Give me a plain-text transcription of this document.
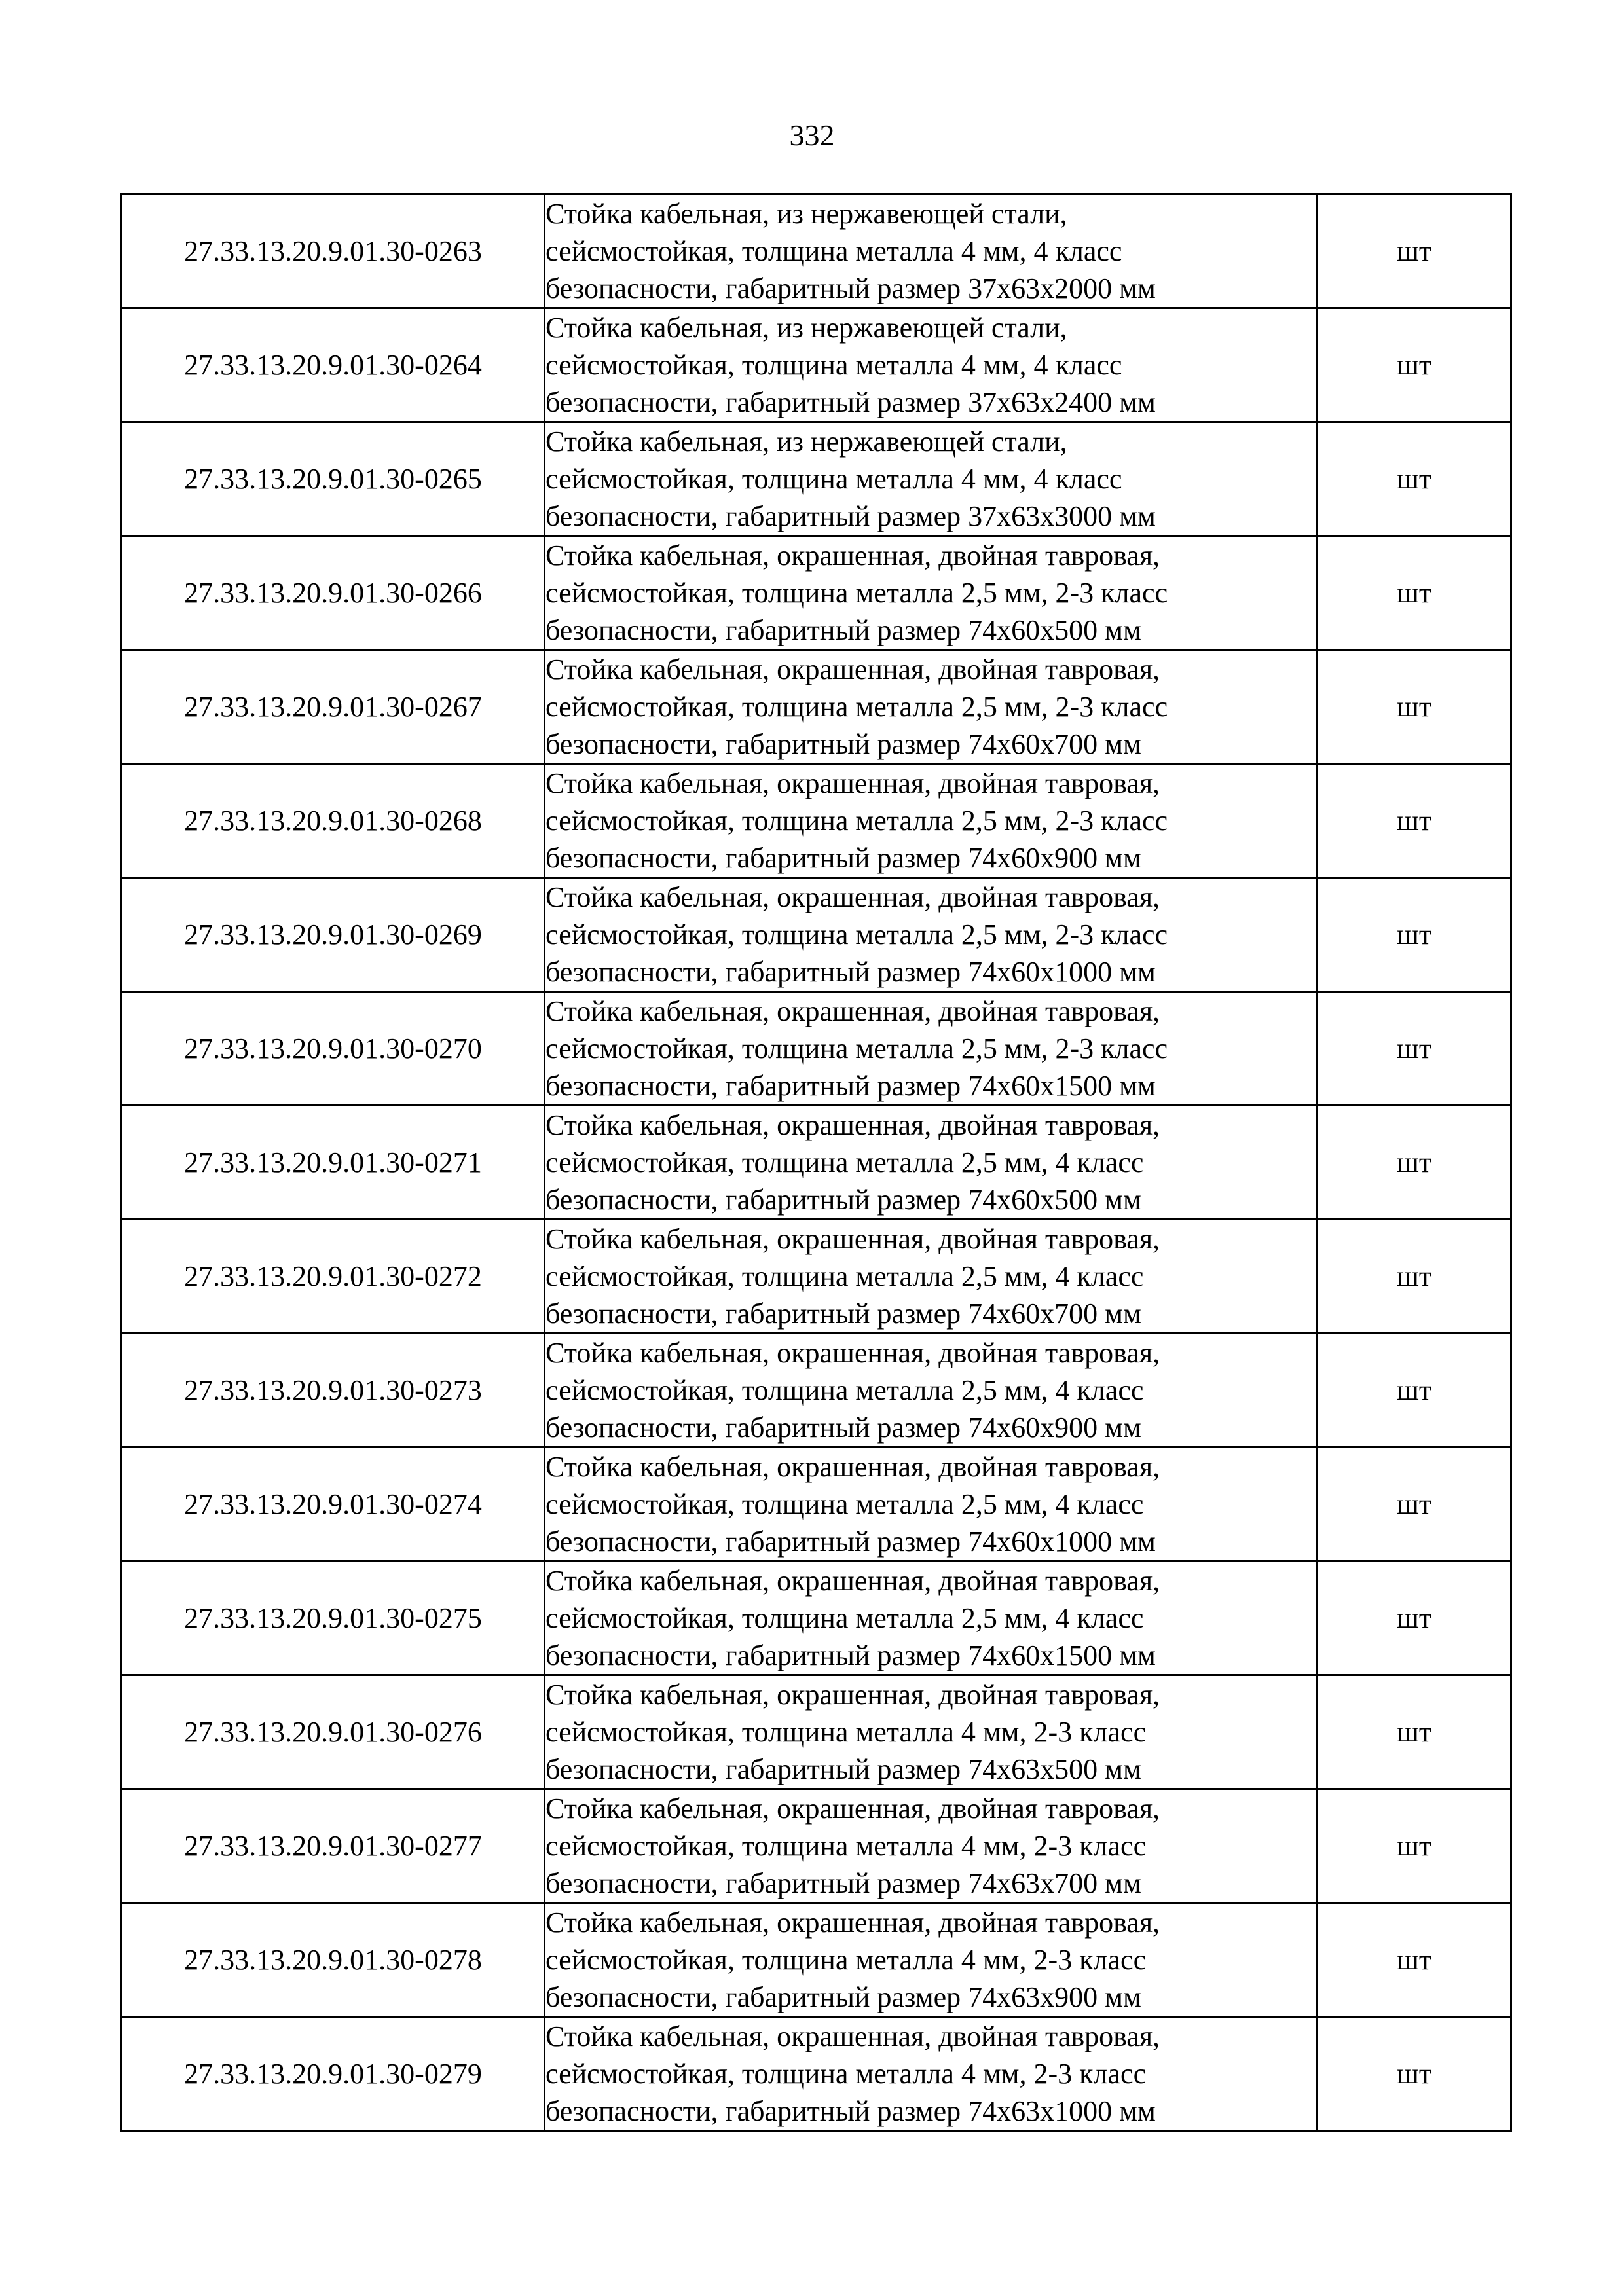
332
27.33.13.20.9.01.30-0263	Стойка кабельная, из нержавеющей стали,
сейсмостойкая, толщина металла 4 мм, 4 класс
безопасности, габаритный размер 37х63х2000 мм	шт
27.33.13.20.9.01.30-0264	Стойка кабельная, из нержавеющей стали,
сейсмостойкая, толщина металла 4 мм, 4 класс
безопасности, габаритный размер 37х63х2400 мм	шт
27.33.13.20.9.01.30-0265	Стойка кабельная, из нержавеющей стали,
сейсмостойкая, толщина металла 4 мм, 4 класс
безопасности, габаритный размер 37х63х3000 мм	шт
27.33.13.20.9.01.30-0266	Стойка кабельная, окрашенная, двойная тавровая,
сейсмостойкая, толщина металла 2,5 мм, 2-3 класс
безопасности, габаритный размер 74х60х500 мм	шт
27.33.13.20.9.01.30-0267	Стойка кабельная, окрашенная, двойная тавровая,
сейсмостойкая, толщина металла 2,5 мм, 2-3 класс
безопасности, габаритный размер 74х60х700 мм	шт
27.33.13.20.9.01.30-0268	Стойка кабельная, окрашенная, двойная тавровая,
сейсмостойкая, толщина металла 2,5 мм, 2-3 класс
безопасности, габаритный размер 74х60х900 мм	шт
27.33.13.20.9.01.30-0269	Стойка кабельная, окрашенная, двойная тавровая,
сейсмостойкая, толщина металла 2,5 мм, 2-3 класс
безопасности, габаритный размер 74х60х1000 мм	шт
27.33.13.20.9.01.30-0270	Стойка кабельная, окрашенная, двойная тавровая,
сейсмостойкая, толщина металла 2,5 мм, 2-3 класс
безопасности, габаритный размер 74х60х1500 мм	шт
27.33.13.20.9.01.30-0271	Стойка кабельная, окрашенная, двойная тавровая,
сейсмостойкая, толщина металла 2,5 мм, 4 класс
безопасности, габаритный размер 74х60х500 мм	шт
27.33.13.20.9.01.30-0272	Стойка кабельная, окрашенная, двойная тавровая,
сейсмостойкая, толщина металла 2,5 мм, 4 класс
безопасности, габаритный размер 74х60х700 мм	шт
27.33.13.20.9.01.30-0273	Стойка кабельная, окрашенная, двойная тавровая,
сейсмостойкая, толщина металла 2,5 мм, 4 класс
безопасности, габаритный размер 74х60х900 мм	шт
27.33.13.20.9.01.30-0274	Стойка кабельная, окрашенная, двойная тавровая,
сейсмостойкая, толщина металла 2,5 мм, 4 класс
безопасности, габаритный размер 74х60х1000 мм	шт
27.33.13.20.9.01.30-0275	Стойка кабельная, окрашенная, двойная тавровая,
сейсмостойкая, толщина металла 2,5 мм, 4 класс
безопасности, габаритный размер 74х60х1500 мм	шт
27.33.13.20.9.01.30-0276	Стойка кабельная, окрашенная, двойная тавровая,
сейсмостойкая, толщина металла 4 мм, 2-3 класс
безопасности, габаритный размер 74х63х500 мм	шт
27.33.13.20.9.01.30-0277	Стойка кабельная, окрашенная, двойная тавровая,
сейсмостойкая, толщина металла 4 мм, 2-3 класс
безопасности, габаритный размер 74х63х700 мм	шт
27.33.13.20.9.01.30-0278	Стойка кабельная, окрашенная, двойная тавровая,
сейсмостойкая, толщина металла 4 мм, 2-3 класс
безопасности, габаритный размер 74х63х900 мм	шт
27.33.13.20.9.01.30-0279	Стойка кабельная, окрашенная, двойная тавровая,
сейсмостойкая, толщина металла 4 мм, 2-3 класс
безопасности, габаритный размер 74х63х1000 мм	шт
